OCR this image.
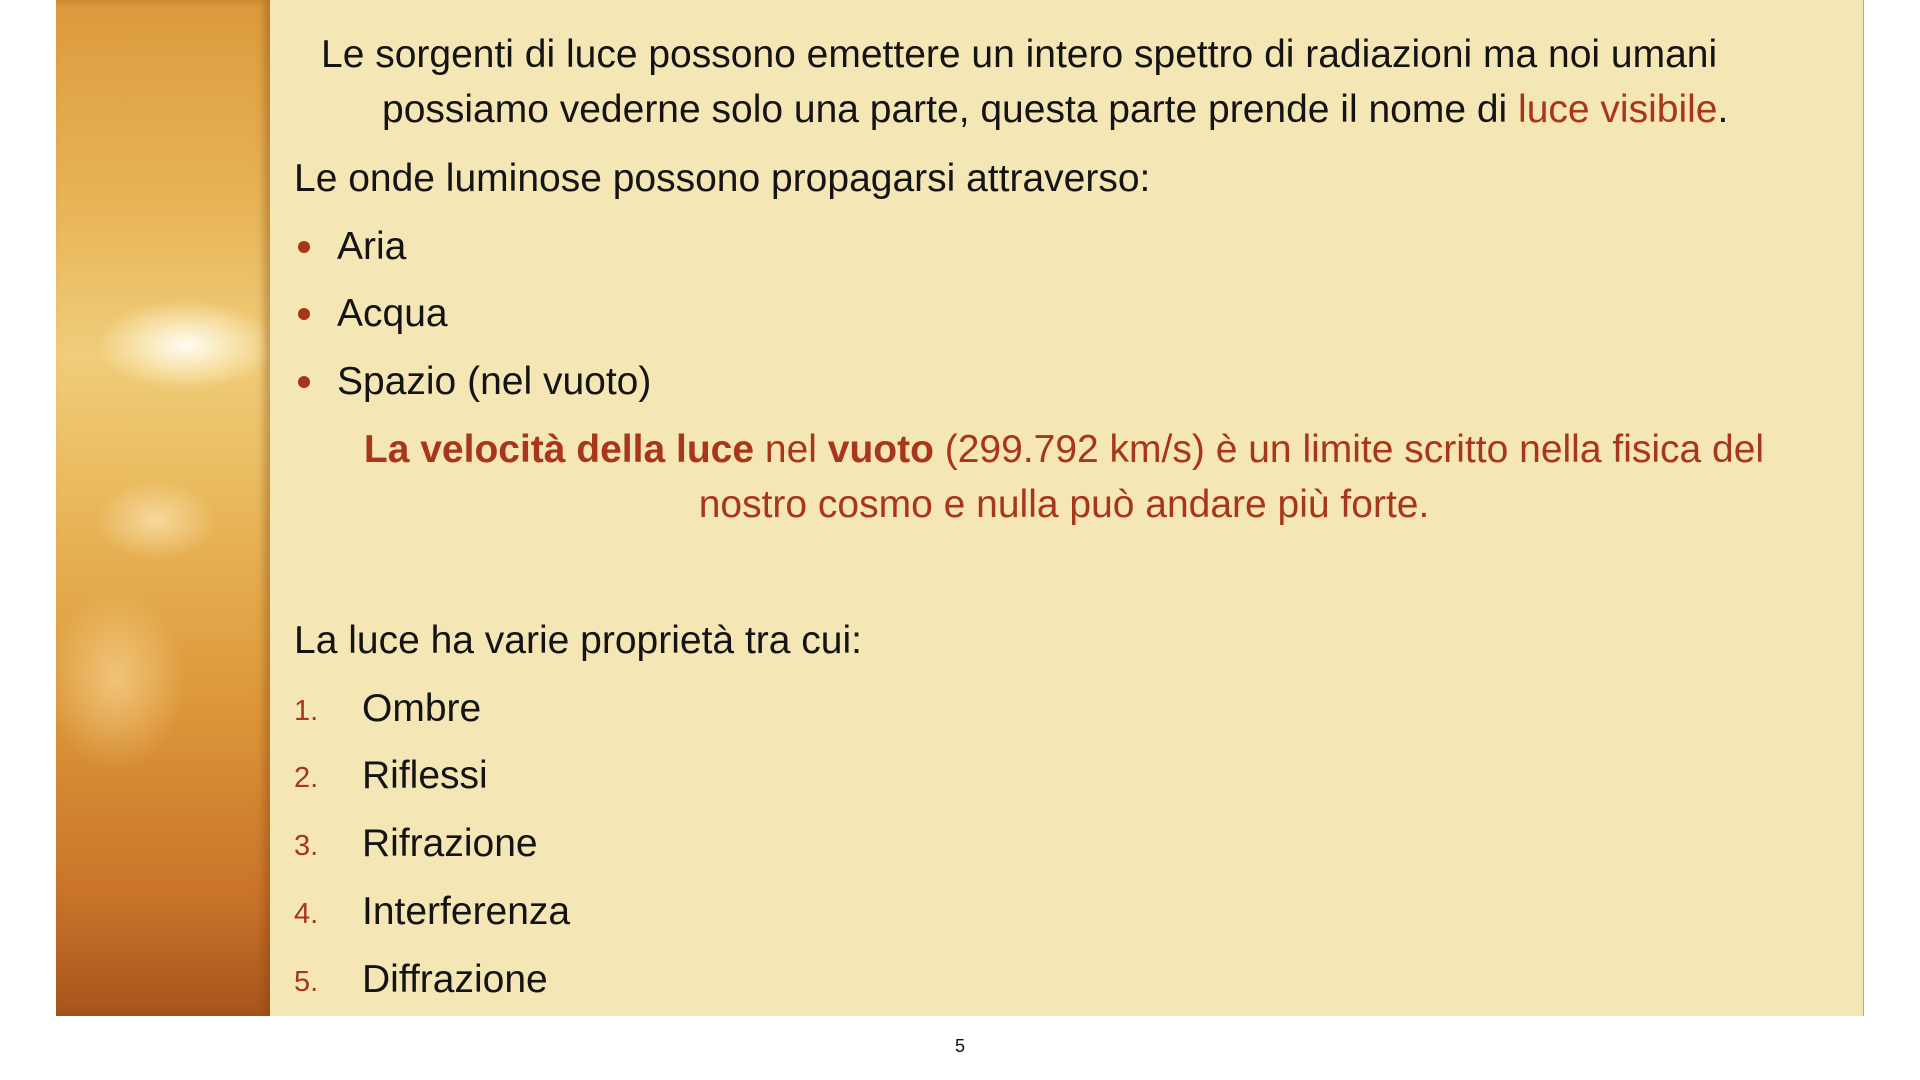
Le sorgenti di luce possono emettere un intero spettro di radiazioni ma noi umani
possiamo vederne solo una parte, questa parte prende il nome di luce visibile.
Le onde luminose possono propagarsi attraverso:
Aria
Acqua
Spazio (nel vuoto)
La velocità della luce nel vuoto (299.792 km/s) è un limite scritto nella fisica del
nostro cosmo e nulla può andare più forte.
La luce ha varie proprietà tra cui:
1. Ombre
2. Riflessi
3. Rifrazione
4. Interferenza
5. Diffrazione
5
